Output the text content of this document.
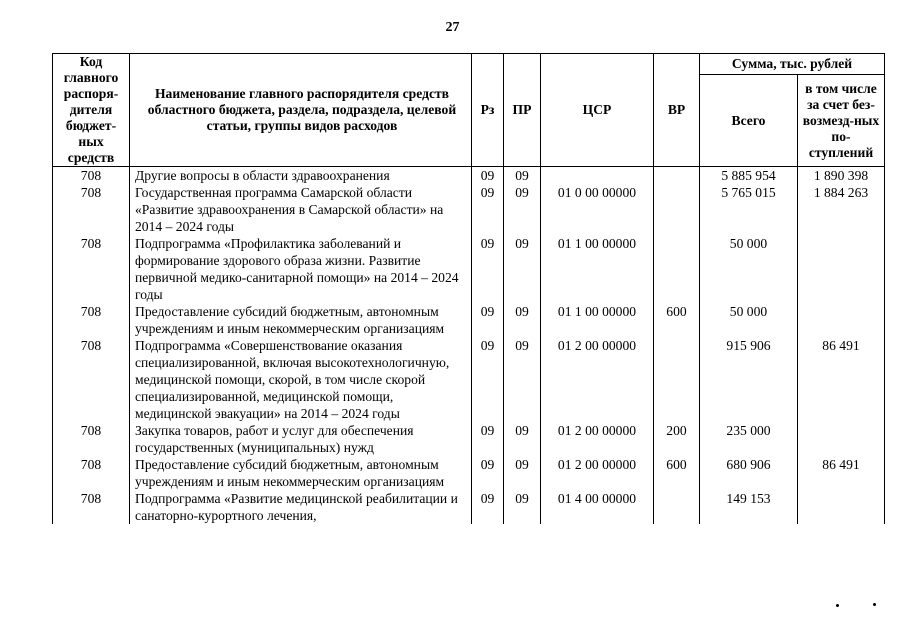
27
Код главного распоря-дителя бюджет-ных средств	Наименование главного распорядителя средств областного бюджета, раздела, подраздела, целевой статьи, группы видов расходов	Рз	ПР	ЦСР	ВР	Сумма, тыс. рублей	
						Всего	в том числе за счет без-возмезд-ных по-ступлений
708	Другие вопросы в области здравоохранения	09	09			5 885 954	1 890 398
708	Государственная программа Самарской области «Развитие здравоохранения в Самарской области» на 2014 – 2024 годы	09	09	01 0 00 00000		5 765 015	1 884 263
708	Подпрограмма «Профилактика заболеваний и формирование здорового образа жизни. Развитие первичной медико-санитарной помощи» на 2014 – 2024 годы	09	09	01 1 00 00000		50 000	
708	Предоставление субсидий бюджетным, автономным учреждениям и иным некоммерческим организациям	09	09	01 1 00 00000	600	50 000	
708	Подпрограмма «Совершенствование оказания специализированной, включая высокотехнологичную, медицинской помощи, скорой, в том числе скорой специализированной, медицинской помощи, медицинской эвакуации» на 2014 – 2024 годы	09	09	01 2 00 00000		915 906	86 491
708	Закупка товаров, работ и услуг для обеспечения государственных (муниципальных) нужд	09	09	01 2 00 00000	200	235 000	
708	Предоставление субсидий бюджетным, автономным учреждениям и иным некоммерческим организациям	09	09	01 2 00 00000	600	680 906	86 491
708	Подпрограмма «Развитие медицинской реабилитации и санаторно-курортного лечения,	09	09	01 4 00 00000		149 153	
